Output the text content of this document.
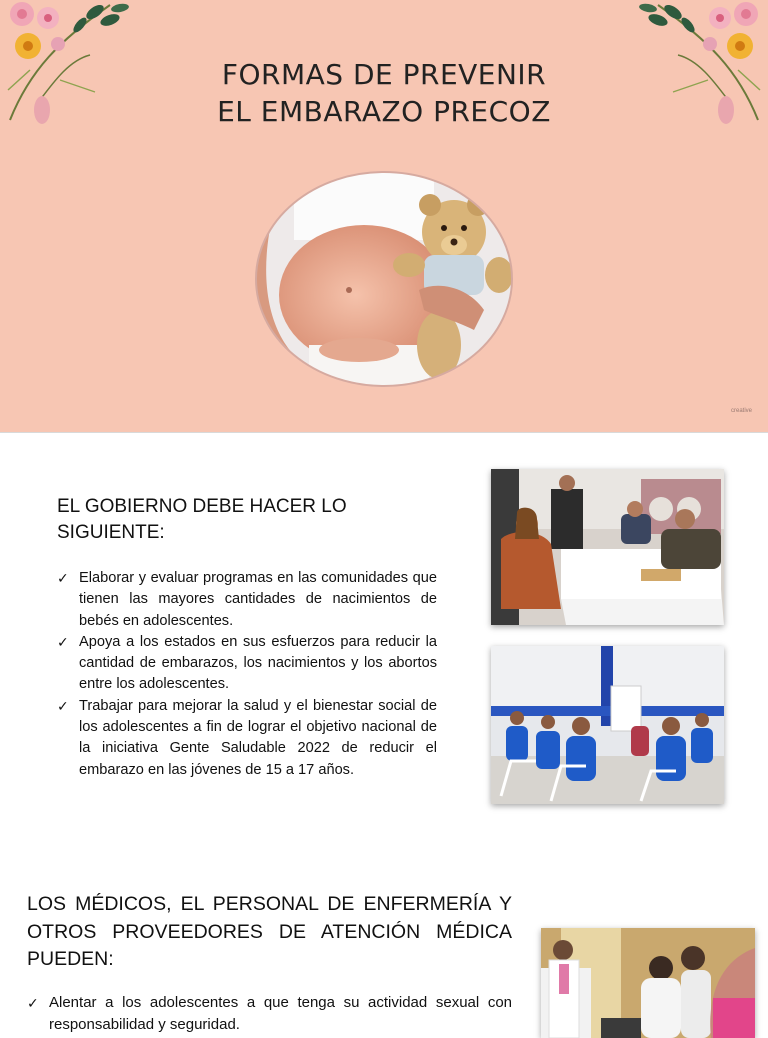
FORMAS DE PREVENIR
EL EMBARAZO PRECOZ
creative
EL GOBIERNO DEBE HACER LO SIGUIENTE:
✓ Elaborar y evaluar programas en las comunidades que tienen las mayores cantidades de nacimientos de bebés en adolescentes.
✓ Apoya a los estados en sus esfuerzos para reducir la cantidad de embarazos, los nacimientos y los abortos entre los adolescentes.
✓ Trabajar para mejorar la salud y el bienestar social de los adolescentes a fin de lograr el objetivo nacional de la iniciativa Gente Saludable 2022 de reducir el embarazo en las jóvenes de 15 a 17 años.
LOS MÉDICOS, EL PERSONAL DE ENFERMERÍA Y OTROS PROVEEDORES DE ATENCIÓN MÉDICA PUEDEN:
✓ Alentar a los adolescentes a que tenga su actividad sexual con responsabilidad y seguridad.
